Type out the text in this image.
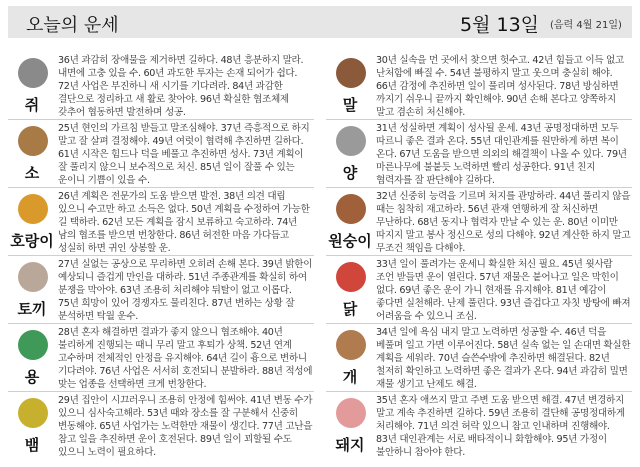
오늘의 운세	5월 13일 (음력 4월 21일)
쥐
36년 과감히 장애물을 제거하면 길하다. 48년 흥분하지 말라. 내면에 고충 있을 수. 60년 과도한 투자는 손재 되어가 쉽다. 72년 사업은 부진하니 새 시기를 기다려라. 84년 과감한 결단으로 정리하고 새 활로 찾아야. 96년 확실한 협조체제 갖추어 협동하면 발전하며 성공.
소
25년 현인의 가르침 받들고 말조심해야. 37년 즉흥적으로 하지 말고 잘 살펴 결정해야. 49년 여럿이 협력해 추진하면 길하다. 61년 시작은 힘드나 덕을 베풀고 추진하면 성사. 73년 계획이 잘 풀리지 않으니 보수적으로 처신. 85년 일이 잘풀 수 있는 운이니 기쁨이 있을 수.
호랑이
26년 계획은 전문가의 도움 받으면 발전. 38년 의견 대립 있으니 수고만 하고 소득은 없다. 50년 계획을 수정하여 가능한 길 택하라. 62년 모든 계획을 잠시 보류하고 숙고하라. 74년 남의 협조를 받으면 번창한다. 86년 허전한 마음 가다듬고 성실히 하면 귀인 상봉할 운.
토끼
27년 실없는 공상으로 무리하면 오히려 손해 본다. 39년 밝한이 예상되니 즐겁게 만인을 대하라. 51년 주종관계를 확실히 하여 분쟁을 막아야. 63년 조용히 처리해야 뒤탈이 없고 이롭다. 75년 희망이 있어 경쟁자도 물리친다. 87년 변하는 상황 잘 분석하면 탁월 운수.
용
28년 혼자 해결하면 결과가 좋지 않으니 협조해야. 40년 불리하게 진행되는 때니 무리 말고 후퇴가 상책. 52년 연계 고수하며 전체적인 안정을 유지해야. 64년 길이 흉으로 변하니 기다려야. 76년 사업은 서서히 호전되니 분발하라. 88년 적성에 맞는 업종을 선택하면 크게 번창한다.
뱀
29년 집안이 시끄러우니 조용히 안정에 힘써야. 41년 변동 수가 있으니 심사숙고해라. 53년 때와 장소를 잘 구분해서 신중히 변동해야. 65년 사업가는 노력한만 재물이 생긴다. 77년 고난을 참고 일을 추진하면 운이 호전된다. 89년 일이 꾀할될 수도 있으니 노력이 필요하다.
말
30년 실속을 먼 곳에서 찾으면 헛수고. 42년 힘들고 이득 없고 난처함에 빠질 수. 54년 불평하지 말고 웃으며 충실히 해야. 66년 감정에 추진하면 일이 풀리며 성사된다. 78년 방심하면 까지기 쉬우니 끝까지 확인해야. 90년 손해 본다고 양쪽하지 말고 겸손히 처신해야.
양
31년 성실하면 계획이 성사될 운세. 43년 공명정대하면 모두 따르니 좋은 결과 온다. 55년 대인관계를 원만하게 하면 복이 온다. 67년 도움을 받으면 의외의 해결책이 나올 수 있다. 79년 마른나무에 불붙듯 노력하면 빨리 성공한다. 91년 친지 협력자를 잘 판단해야 길하다.
원숭이
32년 신중히 능력을 기르며 처지를 관망하라. 44년 풀리지 않을 때는 침착히 재고하라. 56년 관재 연행하게 잘 처신하면 무난하다. 68년 동지나 협력자 만날 수 있는 운. 80년 이미만 따지지 말고 봉사 정신으로 성의 다해야. 92년 계산한 하지 말고 무조건 책임을 다해야.
닭
33년 일이 풀려가는 운세니 확실한 처신 필요. 45년 윗사람 조언 받들면 운이 열린다. 57년 재물은 붙어나고 일은 막힌이 없다. 69년 좋은 운이 가니 현재를 유지해야. 81년 예감이 좋다면 실천해라. 난제 풀린다. 93년 즐겁다고 자칫 방탕에 빠져 어려움을 수 있으니 조심.
개
34년 일에 욕심 내지 말고 노력하면 성공할 수. 46년 덕을 베풀며 일고 가면 이루어진다. 58년 실속 없는 일 손대면 확실한 계획을 세워라. 70년 슬쓴수밖에 추진하면 해결된다. 82년 철저히 확인하고 노력하면 좋은 결과가 온다. 94년 과감히 밀면 재물 생기고 난제도 해결.
돼지
35년 혼자 애쓰지 말고 주변 도움 받으면 해결. 47년 변경하지 말고 계속 추진하면 길하다. 59년 조용히 결단해 공명정대하게 처리해야. 71년 의견 허락 있으니 참고 인내하며 진행해야. 83년 대인관계는 서로 배타적이니 화합해야. 95년 가정이 불안하니 참아야 한다.
